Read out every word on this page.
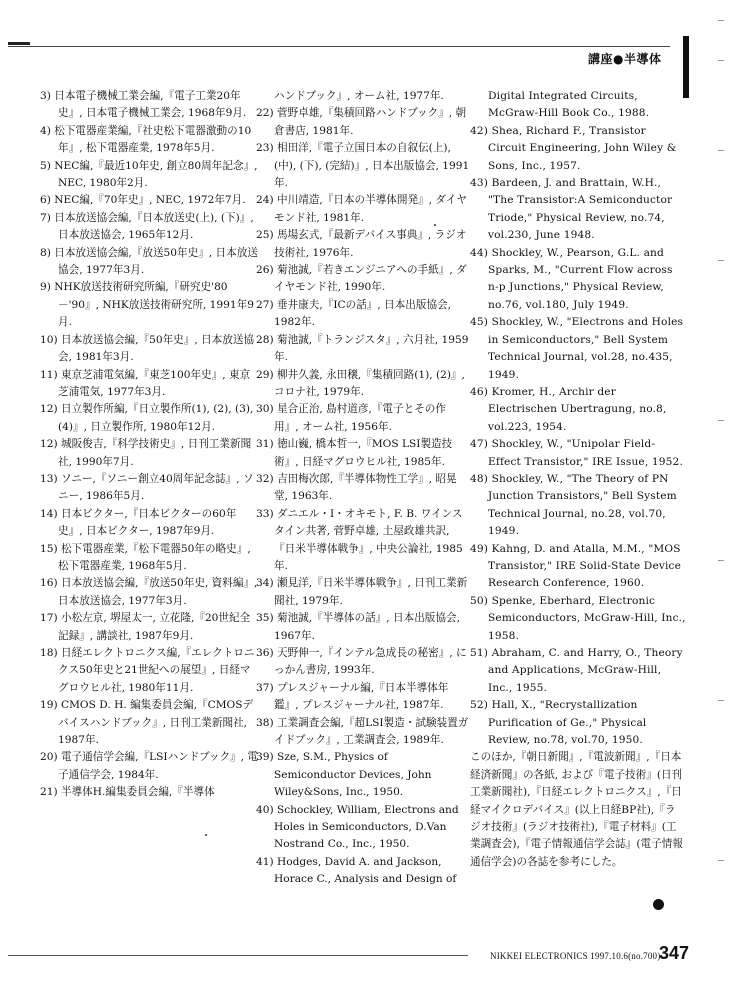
講座●半導体

3) 日本電子機械工業会編,『電子工業20年史』, 日本電子機械工業会, 1968年9月.

4) 松下電器産業編,『社史松下電器激動の10年』, 松下電器産業, 1978年5月.

5) NEC編,『最近10年史, 創立80周年記念』, NEC, 1980年2月.

6) NEC編,『70年史』, NEC, 1972年7月.

7) 日本放送協会編,『日本放送史(上), (下)』, 日本放送協会, 1965年12月.

8) 日本放送協会編,『放送50年史』, 日本放送協会, 1977年3月.

9) NHK放送技術研究所編,『研究史'80－'90』, NHK放送技術研究所, 1991年9月.

10) 日本放送協会編,『50年史』, 日本放送協会, 1981年3月.

11) 東京芝浦電気編,『東芝100年史』, 東京芝浦電気, 1977年3月.

12) 日立製作所編,『日立製作所(1), (2), (3), (4)』, 日立製作所, 1980年12月.

12) 城阪俊吉,『科学技術史』, 日刊工業新聞社, 1990年7月.

13) ソニー,『ソニー創立40周年記念誌』, ソニー, 1986年5月.

14) 日本ビクター,『日本ビクターの60年史』, 日本ビクター, 1987年9月.

15) 松下電器産業,『松下電器50年の略史』, 松下電器産業, 1968年5月.

16) 日本放送協会編,『放送50年史, 資料編』, 日本放送協会, 1977年3月.

17) 小松左京, 堺屋太一, 立花隆,『20世紀全記録』, 講談社, 1987年9月.

18) 日経エレクトロニクス編,『エレクトロニクス50年史と21世紀への展望』, 日経マグロウヒル社, 1980年11月.

19) CMOS D. H. 編集委員会編,『CMOSデバイスハンドブック』, 日刊工業新聞社, 1987年.

20) 電子通信学会編,『LSIハンドブック』, 電子通信学会, 1984年.

21) 半導体H.編集委員会編,『半導体

ハンドブック』, オーム社, 1977年.

22) 菅野卓雄,『集積回路ハンドブック』, 朝倉書店, 1981年.

23) 相田洋,『電子立国日本の自叙伝(上), (中), (下), (完結)』, 日本出版協会, 1991年.

24) 中川靖造,『日本の半導体開発』, ダイヤモンド社, 1981年.

25) 馬場玄式,『最新デバイス事典』, ラジオ技術社, 1976年.

26) 菊池誠,『若きエンジニアへの手紙』, ダイヤモンド社, 1990年.

27) 垂井康夫,『ICの話』, 日本出版協会, 1982年.

28) 菊池誠,『トランジスタ』, 六月社, 1959年.

29) 柳井久義, 永田穣,『集積回路(1), (2)』, コロナ社, 1979年.

30) 星合正治, 島村道彦,『電子とその作用』, オーム社, 1956年.

31) 徳山巍, 橋本哲一,『MOS LSI製造技術』, 日経マグロウヒル社, 1985年.

32) 吉田梅次郎,『半導体物性工学』, 昭晃堂, 1963年.

33) ダニエル・I・オキモト, F. B. ワインスタイン共著, 菅野卓雄, 土屋政雄共訳,『日米半導体戦争』, 中央公論社, 1985年.

34) 瀬見洋,『日米半導体戦争』, 日刊工業新聞社, 1979年.

35) 菊池誠,『半導体の話』, 日本出版協会, 1967年.

36) 天野伸一,『インテル急成長の秘密』, にっかん書房, 1993年.

37) プレスジャーナル編,『日本半導体年鑑』, プレスジャーナル社, 1987年.

38) 工業調査会編,『超LSI製造・試験装置ガイドブック』, 工業調査会, 1989年.

39) Sze, S.M., Physics of Semiconductor Devices, John Wiley&Sons, Inc., 1950.

40) Schockley, William, Electrons and Holes in Semiconductors, D.Van Nostrand Co., Inc., 1950.

41) Hodges, David A. and Jackson, Horace C., Analysis and Design of

Digital Integrated Circuits, McGraw-Hill Book Co., 1988.

42) Shea, Richard F., Transistor Circuit Engineering, John Wiley & Sons, Inc., 1957.

43) Bardeen, J. and Brattain, W.H., "The Transistor:A Semiconductor Triode," Physical Review, no.74, vol.230, June 1948.

44) Shockley, W., Pearson, G.L. and Sparks, M., "Current Flow across n-p Junctions," Physical Review, no.76, vol.180, July 1949.

45) Shockley, W., "Electrons and Holes in Semiconductors," Bell System Technical Journal, vol.28, no.435, 1949.

46) Kromer, H., Archir der Electrischen Ubertragung, no.8, vol.223, 1954.

47) Shockley, W., "Unipolar Field-Effect Transistor," IRE Issue, 1952.

48) Shockley, W., "The Theory of PN Junction Transistors," Bell System Technical Journal, no.28, vol.70, 1949.

49) Kahng, D. and Atalla, M.M., "MOS Transistor," IRE Solid-State Device Research Conference, 1960.

50) Spenke, Eberhard, Electronic Semiconductors, McGraw-Hill, Inc., 1958.

51) Abraham, C. and Harry, O., Theory and Applications, McGraw-Hill, Inc., 1955.

52) Hall, X., "Recrystallization Purification of Ge.," Physical Review, no.78, vol.70, 1950.

このほか,『朝日新聞』,『電波新聞』,『日本経済新聞』の各紙, および『電子技術』(日刊工業新聞社),『日経エレクトロニクス』,『日経マイクロデバイス』(以上日経BP社),『ラジオ技術』(ラジオ技術社),『電子材料』(工業調査会),『電子情報通信学会誌』(電子情報通信学会)の各誌を参考にした。
NIKKEI ELECTRONICS 1997.10.6(no.700)
347
